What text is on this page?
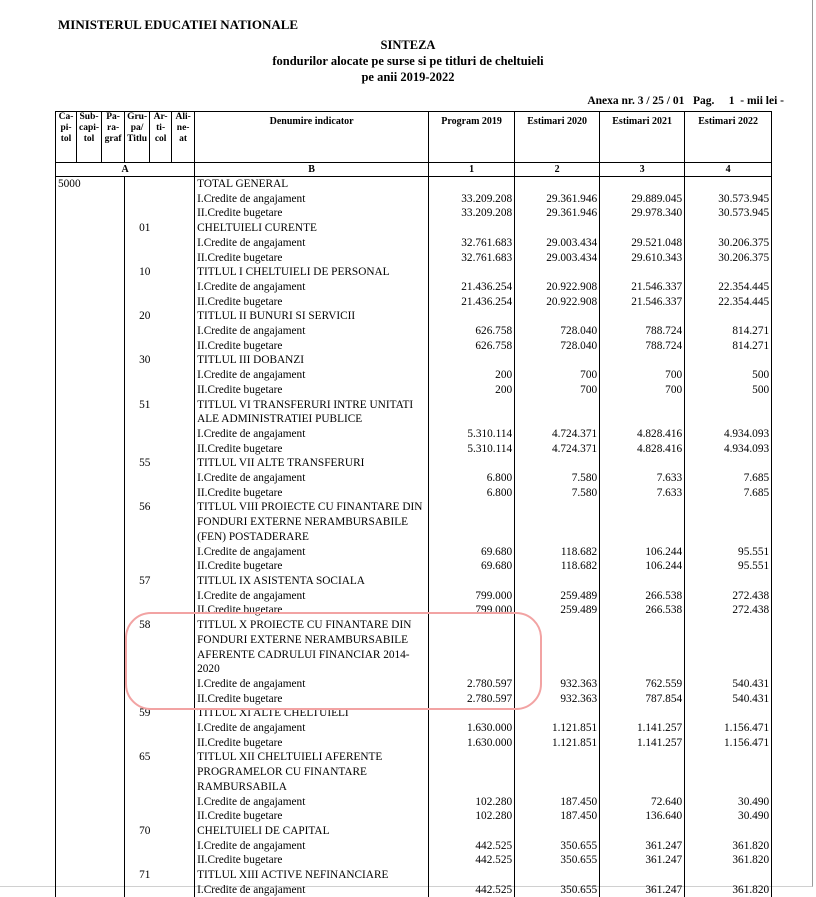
MINISTERUL EDUCATIEI NATIONALE
SINTEZA
fondurilor alocate pe surse si pe titluri de cheltuieli
pe anii 2019-2022
Anexa nr. 3 / 25 / 01   Pag.     1  - mii lei -
Ca-pi-tol	Sub-capi-tol	Pa-ra-graf	Gru-pa/ Titlu	Ar-ti-col	Ali-ne-at	Denumire indicator	Program 2019	Estimari 2020	Estimari 2021	Estimari 2022
A						B	1	2	3	4
5000						TOTAL GENERAL				
						I.Credite de angajament	33.209.208	29.361.946	29.889.045	30.573.945
						II.Credite bugetare	33.209.208	29.361.946	29.978.340	30.573.945
			01			CHELTUIELI CURENTE				
						I.Credite de angajament	32.761.683	29.003.434	29.521.048	30.206.375
						II.Credite bugetare	32.761.683	29.003.434	29.610.343	30.206.375
			10			TITLUL I CHELTUIELI DE PERSONAL				
						I.Credite de angajament	21.436.254	20.922.908	21.546.337	22.354.445
						II.Credite bugetare	21.436.254	20.922.908	21.546.337	22.354.445
			20			TITLUL II BUNURI SI SERVICII				
						I.Credite de angajament	626.758	728.040	788.724	814.271
						II.Credite bugetare	626.758	728.040	788.724	814.271
			30			TITLUL III DOBANZI				
						I.Credite de angajament	200	700	700	500
						II.Credite bugetare	200	700	700	500
			51			TITLUL VI TRANSFERURI INTRE UNITATI ALE ADMINISTRATIEI PUBLICE				
						I.Credite de angajament	5.310.114	4.724.371	4.828.416	4.934.093
						II.Credite bugetare	5.310.114	4.724.371	4.828.416	4.934.093
			55			TITLUL VII ALTE TRANSFERURI				
						I.Credite de angajament	6.800	7.580	7.633	7.685
						II.Credite bugetare	6.800	7.580	7.633	7.685
			56			TITLUL VIII PROIECTE CU FINANTARE DIN FONDURI EXTERNE NERAMBURSABILE (FEN) POSTADERARE				
						I.Credite de angajament	69.680	118.682	106.244	95.551
						II.Credite bugetare	69.680	118.682	106.244	95.551
			57			TITLUL IX ASISTENTA SOCIALA				
						I.Credite de angajament	799.000	259.489	266.538	272.438
						II.Credite bugetare	799.000	259.489	266.538	272.438
			58			TITLUL X PROIECTE CU FINANTARE DIN FONDURI EXTERNE NERAMBURSABILE AFERENTE CADRULUI FINANCIAR 2014-2020				
						I.Credite de angajament	2.780.597	932.363	762.559	540.431
						II.Credite bugetare	2.780.597	932.363	787.854	540.431
			59			TITLUL XI ALTE CHELTUIELI				
						I.Credite de angajament	1.630.000	1.121.851	1.141.257	1.156.471
						II.Credite bugetare	1.630.000	1.121.851	1.141.257	1.156.471
			65			TITLUL XII CHELTUIELI AFERENTE PROGRAMELOR CU FINANTARE RAMBURSABILA				
						I.Credite de angajament	102.280	187.450	72.640	30.490
						II.Credite bugetare	102.280	187.450	136.640	30.490
			70			CHELTUIELI DE CAPITAL				
						I.Credite de angajament	442.525	350.655	361.247	361.820
						II.Credite bugetare	442.525	350.655	361.247	361.820
			71			TITLUL XIII ACTIVE NEFINANCIARE				
						I.Credite de angajament	442.525	350.655	361.247	361.820
